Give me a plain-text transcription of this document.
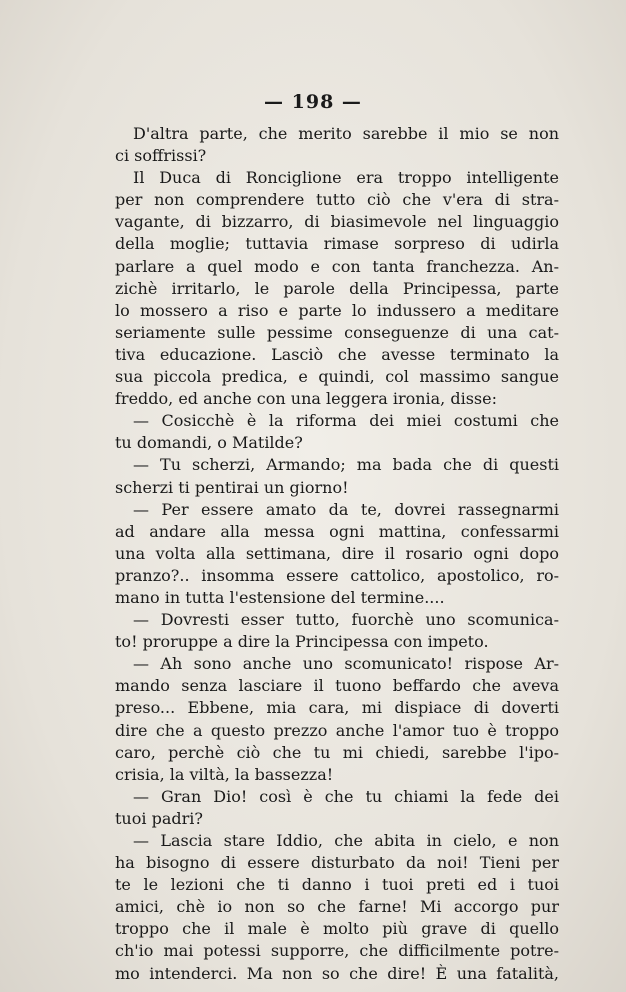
— 198 —
D'altra parte, che merito sarebbe il mio se non
ci soffrissi?
Il Duca di Ronciglione era troppo intelligente
per non comprendere tutto ciò che v'era di stra-
vagante, di bizzarro, di biasimevole nel linguaggio
della moglie; tuttavia rimase sorpreso di udirla
parlare a quel modo e con tanta franchezza. An-
zichè irritarlo, le parole della Principessa, parte
lo mossero a riso e parte lo indussero a meditare
seriamente sulle pessime conseguenze di una cat-
tiva educazione. Lasciò che avesse terminato la
sua piccola predica, e quindi, col massimo sangue
freddo, ed anche con una leggera ironia, disse:
— Cosicchè è la riforma dei miei costumi che
tu domandi, o Matilde?
— Tu scherzi, Armando; ma bada che di questi
scherzi ti pentirai un giorno!
— Per essere amato da te, dovrei rassegnarmi
ad andare alla messa ogni mattina, confessarmi
una volta alla settimana, dire il rosario ogni dopo
pranzo?.. insomma essere cattolico, apostolico, ro-
mano in tutta l'estensione del termine....
— Dovresti esser tutto, fuorchè uno scomunica-
to! proruppe a dire la Principessa con impeto.
— Ah sono anche uno scomunicato! rispose Ar-
mando senza lasciare il tuono beffardo che aveva
preso... Ebbene, mia cara, mi dispiace di doverti
dire che a questo prezzo anche l'amor tuo è troppo
caro, perchè ciò che tu mi chiedi, sarebbe l'ipo-
crisia, la viltà, la bassezza!
— Gran Dio! così è che tu chiami la fede dei
tuoi padri?
— Lascia stare Iddio, che abita in cielo, e non
ha bisogno di essere disturbato da noi! Tieni per
te le lezioni che ti danno i tuoi preti ed i tuoi
amici, chè io non so che farne! Mi accorgo pur
troppo che il male è molto più grave di quello
ch'io mai potessi supporre, che difficilmente potre-
mo intenderci. Ma non so che dire! È una fatalità,
